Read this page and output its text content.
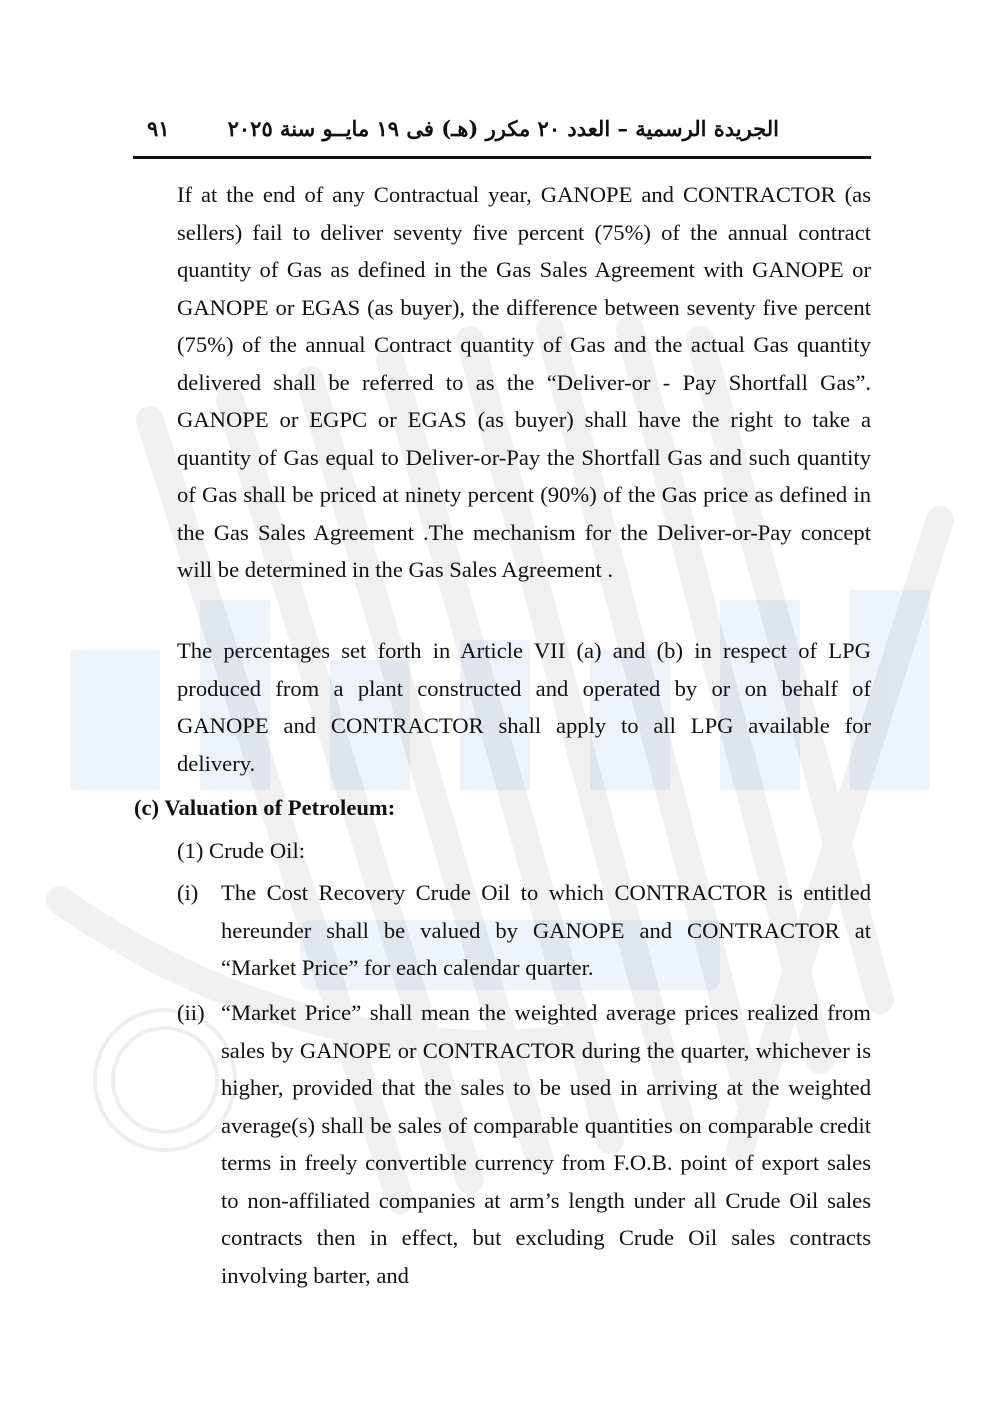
الجريدة الرسمية – العدد ٢٠ مكرر (هـ) فى ١٩ مايــو سنة ٢٠٢٥
٩١
If at the end of any Contractual year, GANOPE and CONTRACTOR (as sellers) fail to deliver seventy five percent (75%) of the annual contract quantity of Gas as defined in the Gas Sales Agreement with GANOPE or GANOPE or EGAS (as buyer), the difference between seventy five percent (75%) of the annual Contract quantity of Gas and the actual Gas quantity delivered shall be referred to as the “Deliver-or - Pay Shortfall Gas”. GANOPE or EGPC or EGAS (as buyer) shall have the right to take a quantity of Gas equal to Deliver-or-Pay the Shortfall Gas and such quantity of Gas shall be priced at ninety percent (90%) of the Gas price as defined in the Gas Sales Agreement .The mechanism for the Deliver-or-Pay concept will be determined in the Gas Sales Agreement .
The percentages set forth in Article VII (a) and (b) in respect of LPG produced from a plant constructed and operated by or on behalf of GANOPE and CONTRACTOR shall apply to all LPG available for delivery.
(c) Valuation of Petroleum:
(1) Crude Oil:
(i)	The Cost Recovery Crude Oil to which CONTRACTOR is entitled hereunder shall be valued by GANOPE and CONTRACTOR at “Market Price” for each calendar quarter.
(ii) “Market Price” shall mean the weighted average prices realized from sales by GANOPE or CONTRACTOR during the quarter, whichever is higher, provided that the sales to be used in arriving at the weighted average(s) shall be sales of comparable quantities on comparable credit terms in freely convertible currency from F.O.B. point of export sales to non-affiliated companies at arm’s length under all Crude Oil sales contracts then in effect, but excluding Crude Oil sales contracts involving barter, and
